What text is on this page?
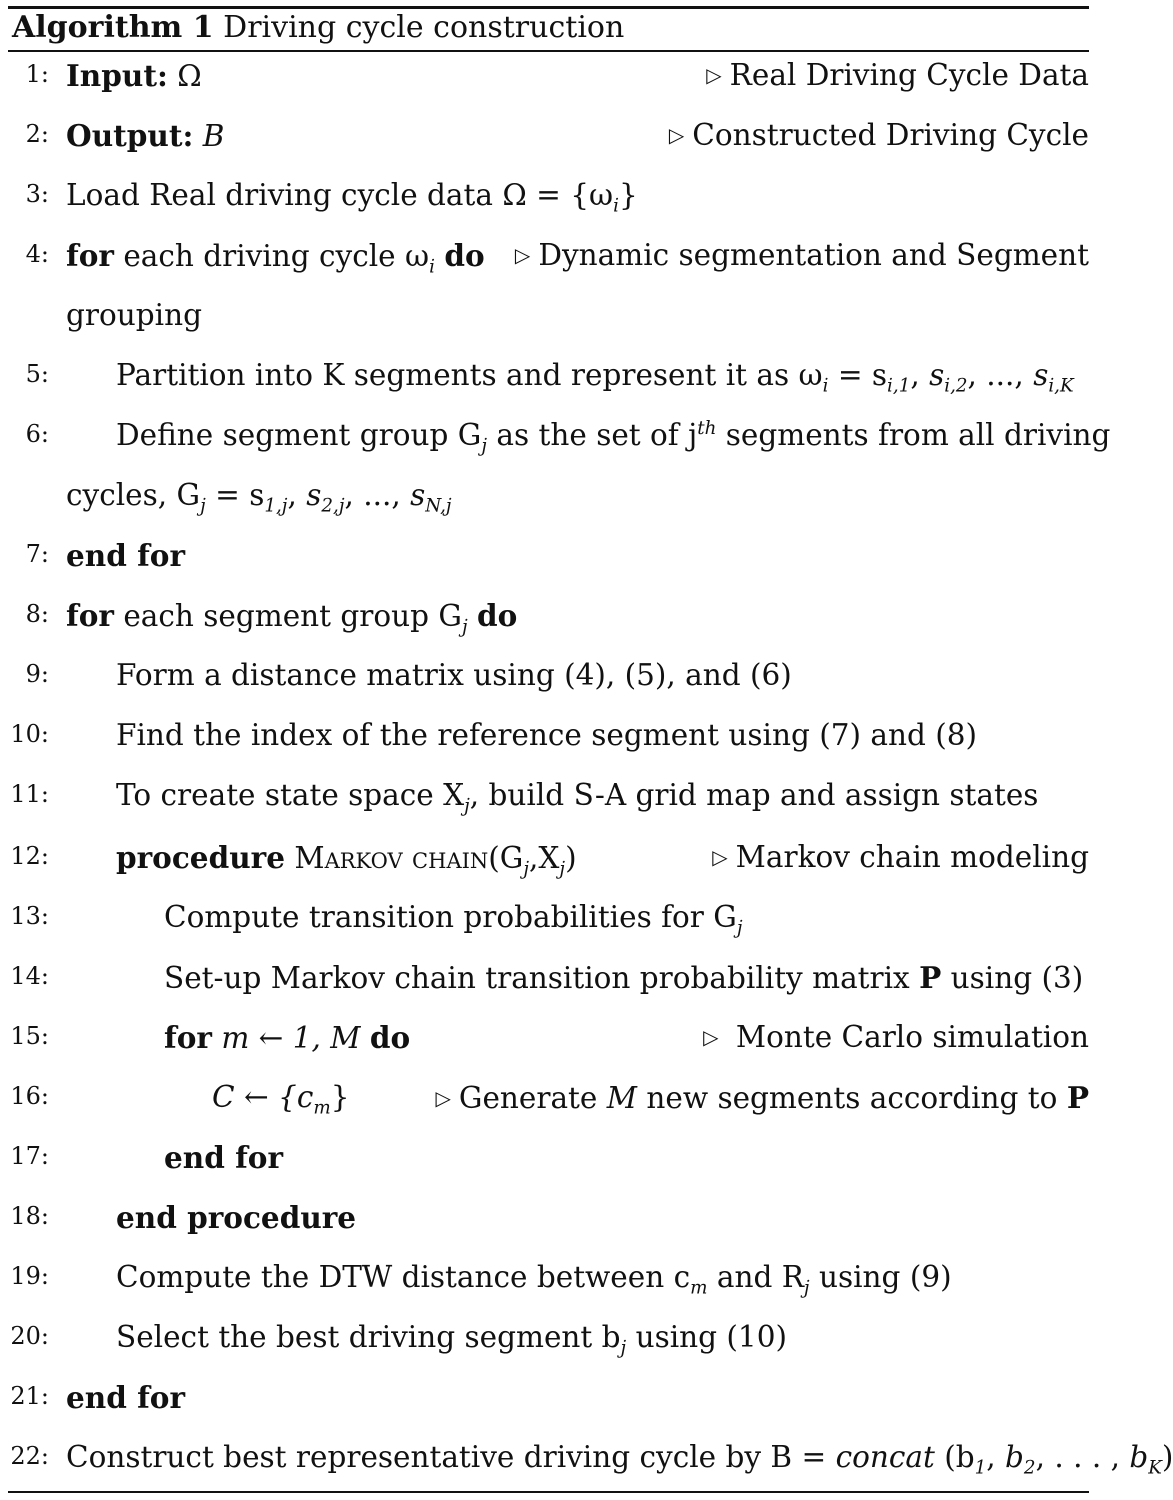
Algorithm 1 Driving cycle construction
1: Input: Ω	▷ Real Driving Cycle Data
2: Output: B	▷ Constructed Driving Cycle
3: Load Real driving cycle data $\Omega = \{\omega_i\}$
4: for each driving cycle $\omega_i$ do ▷ Dynamic segmentation and Segment
grouping
5: Partition into K segments and represent it as $\omega_i = s_{i,1}$, $s_{i,2}$, ..., $s_{i,K}$
6: Define segment group $G_j$ as the set of $j^{th}$ segments from all driving
cycles, $G_j = s_{1,j}$, $s_{2,j}$, ..., $s_{N,j}$
7: end for
8: for each segment group $G_j$ do
9: Form a distance matrix using (4), (5), and (6)
10: Find the index of the reference segment using (7) and (8)
11: To create state space $X_j$, build S-A grid map and assign states
12: procedure Markov $chain(G_j,X_j)$	▷ Markov chain modeling
13:	Compute transition probabilities for $G_j$
14:	Set-up Markov chain transition probability matrix P using (3)
15:	for m ← 1, M do	▷ Monte Carlo simulation
16:	C ← $\{c_m\}$	▷ Generate M new segments according to P
17:	end for
18: end procedure
19: Compute the DTW distance between $c_m$ and $R_j$ using (9)
20: Select the best driving segment $b_j$ using (10)
21: end for
22: Construct best representative driving cycle by B = concat ($b_1$, $b_2$, . . . , $b_K$)
